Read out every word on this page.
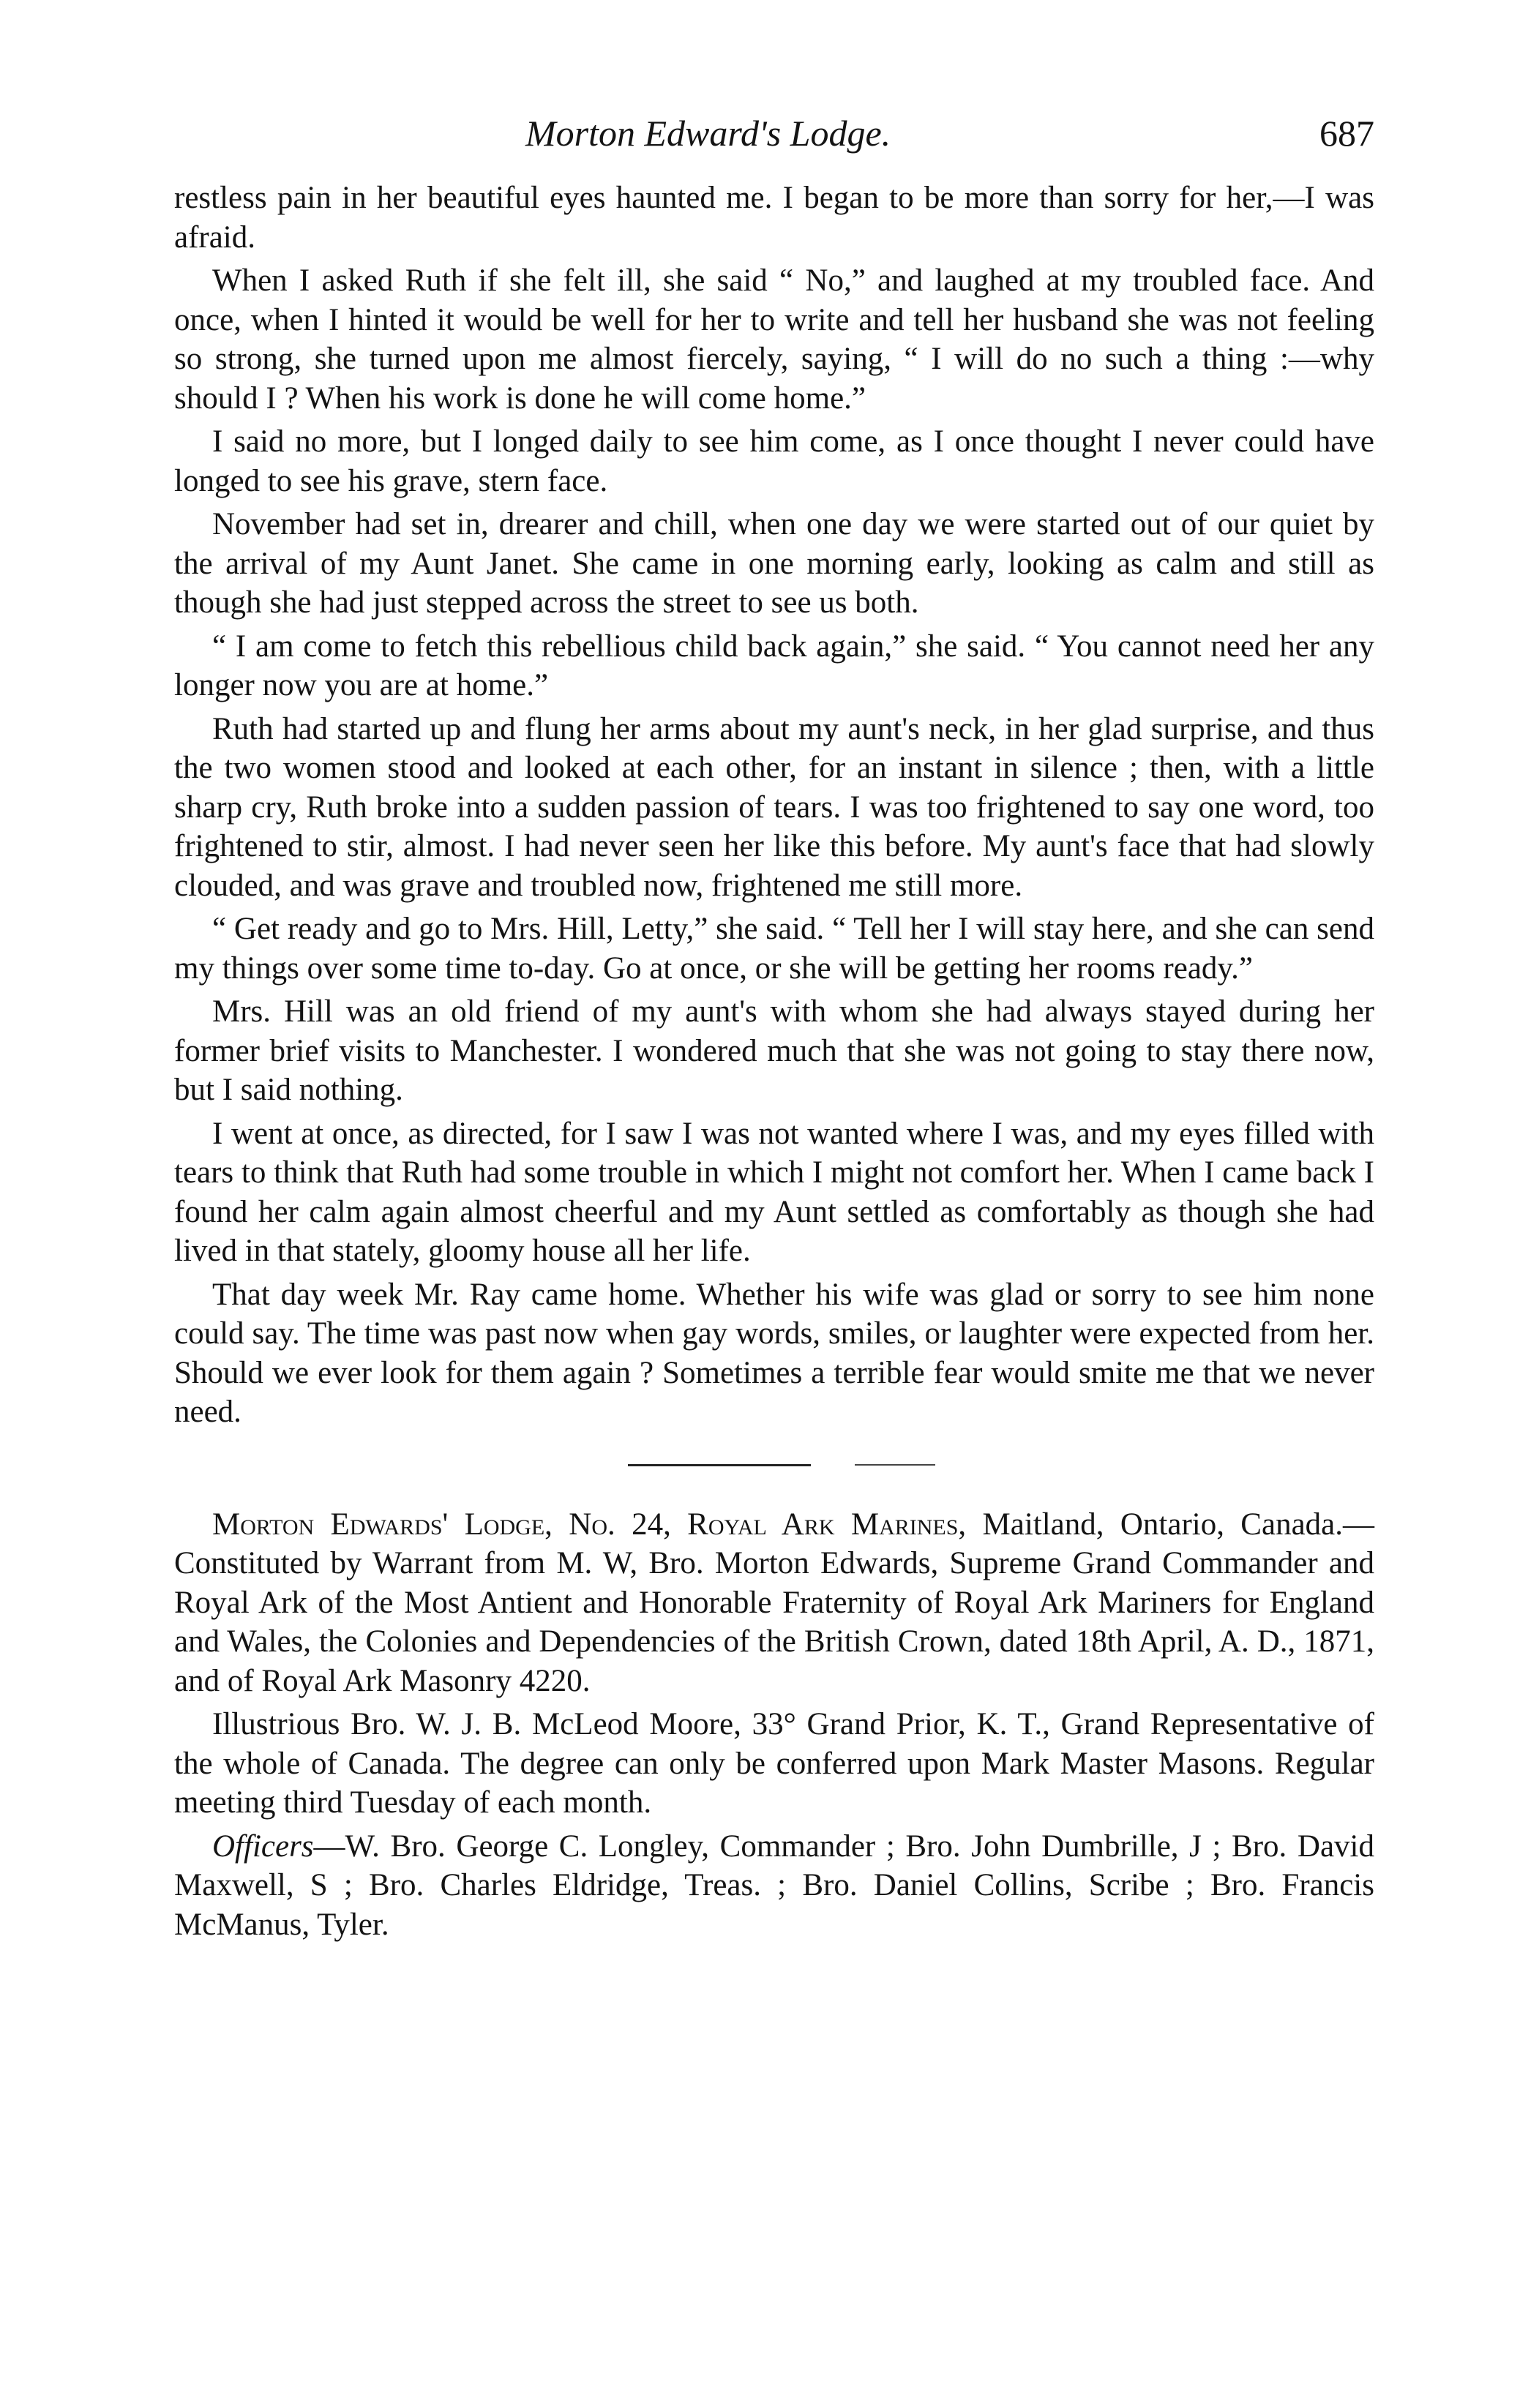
Morton Edward's Lodge.	687

restless pain in her beautiful eyes haunted me. I began to be more than sorry for her,—I was afraid.

When I asked Ruth if she felt ill, she said “ No,” and laughed at my troubled face. And once, when I hinted it would be well for her to write and tell her husband she was not feeling so strong, she turned upon me almost fiercely, saying, “ I will do no such a thing :—why should I ? When his work is done he will come home.”

I said no more, but I longed daily to see him come, as I once thought I never could have longed to see his grave, stern face.

November had set in, drearer and chill, when one day we were started out of our quiet by the arrival of my Aunt Janet. She came in one morning early, looking as calm and still as though she had just stepped across the street to see us both.

“ I am come to fetch this rebellious child back again,” she said. “ You cannot need her any longer now you are at home.”

Ruth had started up and flung her arms about my aunt's neck, in her glad surprise, and thus the two women stood and looked at each other, for an instant in silence ; then, with a little sharp cry, Ruth broke into a sudden passion of tears. I was too frightened to say one word, too frightened to stir, almost. I had never seen her like this before. My aunt's face that had slowly clouded, and was grave and troubled now, frightened me still more.

“ Get ready and go to Mrs. Hill, Letty,” she said. “ Tell her I will stay here, and she can send my things over some time to-day. Go at once, or she will be getting her rooms ready.”

Mrs. Hill was an old friend of my aunt's with whom she had always stayed during her former brief visits to Manchester. I wondered much that she was not going to stay there now, but I said nothing.

I went at once, as directed, for I saw I was not wanted where I was, and my eyes filled with tears to think that Ruth had some trouble in which I might not comfort her. When I came back I found her calm again almost cheerful and my Aunt settled as comfortably as though she had lived in that stately, gloomy house all her life.

That day week Mr. Ray came home. Whether his wife was glad or sorry to see him none could say. The time was past now when gay words, smiles, or laughter were expected from her. Should we ever look for them again ? Sometimes a terrible fear would smite me that we never need.

Morton Edwards' Lodge, No. 24, Royal Ark Marines, Maitland, Ontario, Canada.—Constituted by Warrant from M. W, Bro. Morton Edwards, Supreme Grand Commander and Royal Ark of the Most Antient and Honorable Fraternity of Royal Ark Mariners for England and Wales, the Colonies and Dependencies of the British Crown, dated 18th April, A. D., 1871, and of Royal Ark Masonry 4220.

Illustrious Bro. W. J. B. McLeod Moore, 33° Grand Prior, K. T., Grand Representative of the whole of Canada. The degree can only be conferred upon Mark Master Masons. Regular meeting third Tuesday of each month.

Officers—W. Bro. George C. Longley, Commander ; Bro. John Dumbrille, J ; Bro. David Maxwell, S ; Bro. Charles Eldridge, Treas. ; Bro. Daniel Collins, Scribe ; Bro. Francis McManus, Tyler.
